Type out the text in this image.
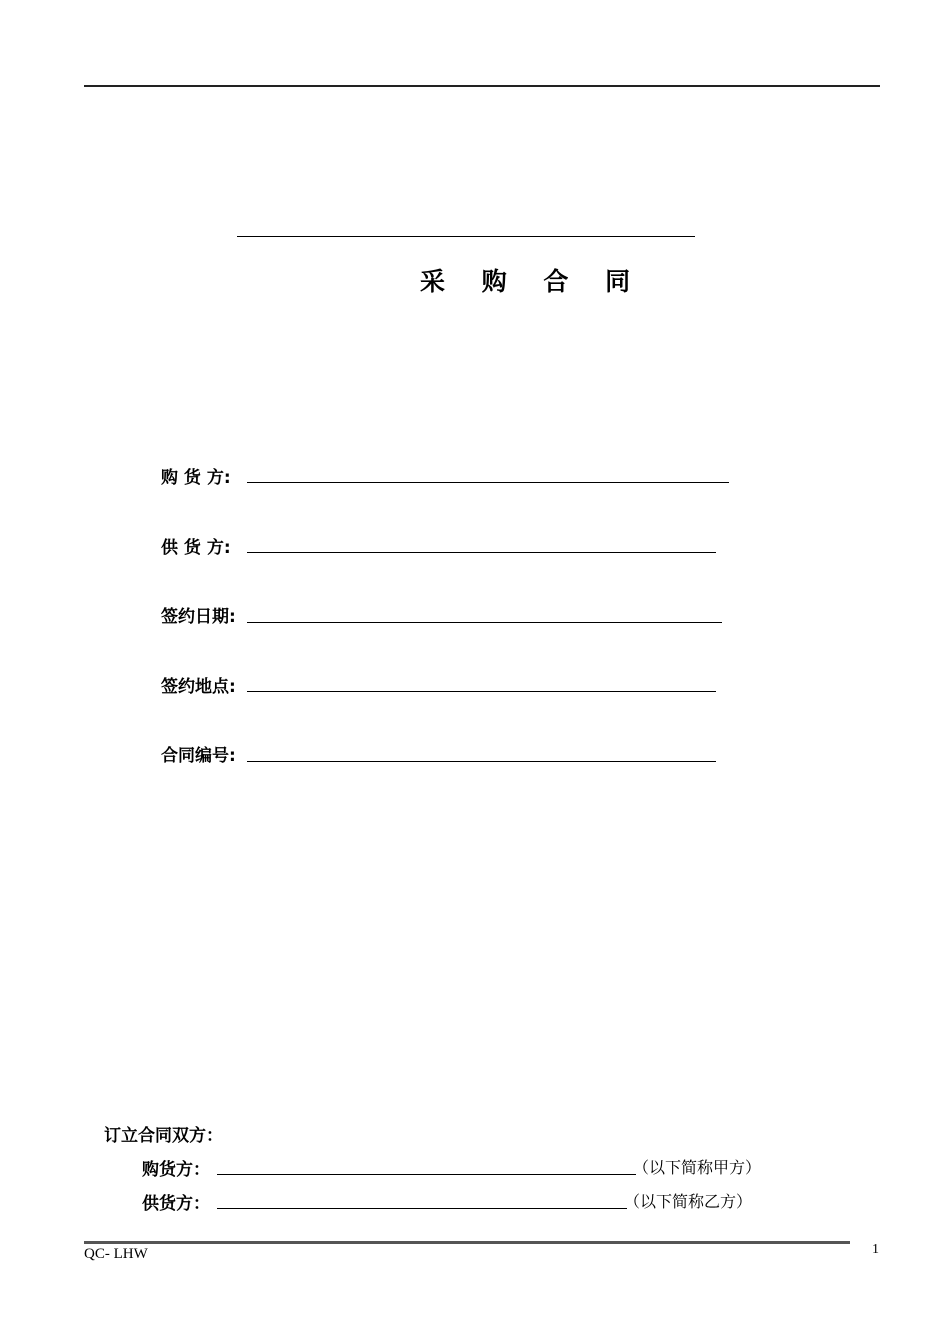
采 购 合 同
购 货 方:
供 货 方:
签约日期:
签约地点:
合同编号:
订立合同双方：
购货方：	（以下简称甲方）
供货方：	（以下简称乙方）
QC- LHW	1
